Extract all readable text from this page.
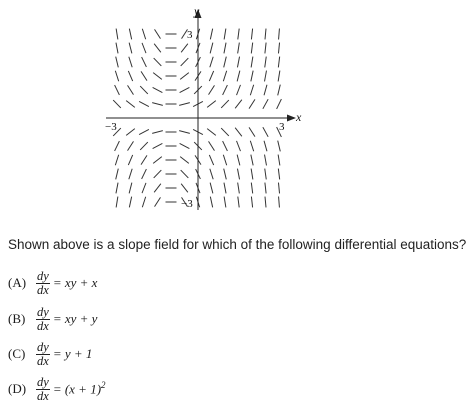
x
y
−3	3
3
−3
Shown above is a slope field for which of the following differential equations?
$(A) \frac{dy}{dx}$ = xy + x
$(B) \frac{dy}{dx}$ = xy + y
$(C) \frac{dy}{dx} = y + 1$
$(D) \frac{dy}{dx} = (x + 1)^2$
